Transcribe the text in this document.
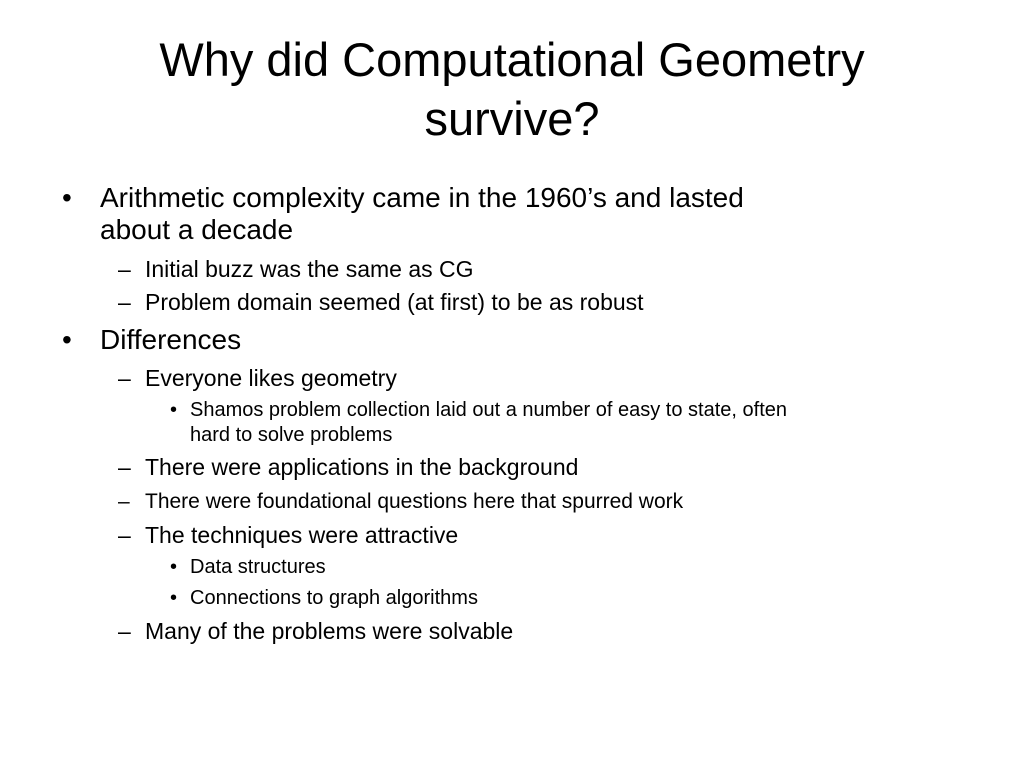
Why did Computational Geometry
survive?
• Arithmetic complexity came in the 1960’s and lasted
about a decade
– Initial buzz was the same as CG
– Problem domain seemed (at first) to be as robust
• Differences
– Everyone likes geometry
• Shamos problem collection laid out a number of easy to state, often
hard to solve problems
– There were applications in the background
– There were foundational questions here that spurred work
– The techniques were attractive
• Data structures
• Connections to graph algorithms
– Many of the problems were solvable
